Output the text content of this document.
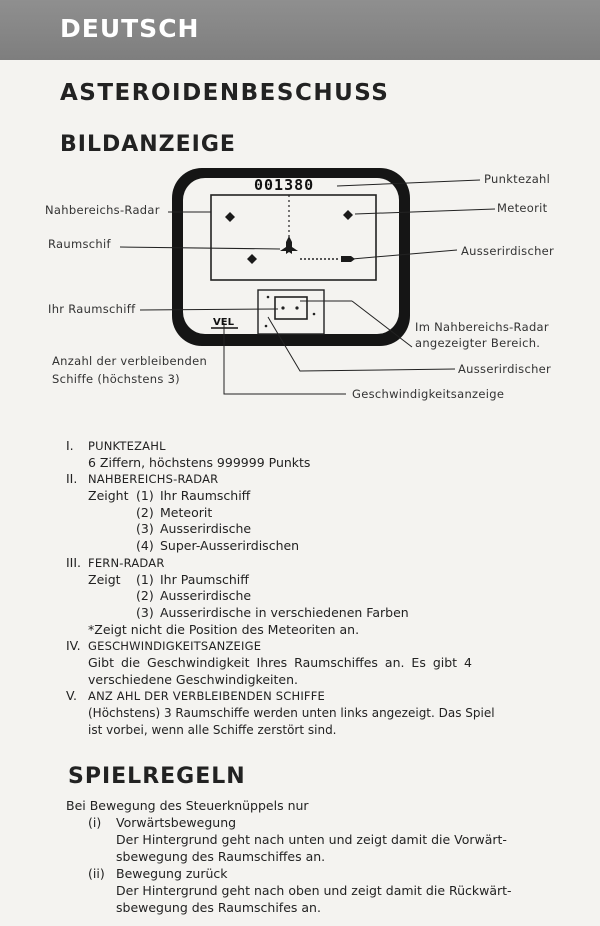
DEUTSCH
ASTEROIDENBESCHUSS
BILDANZEIGE
001380
VEL
Punktezahl
Nahbereichs-Radar	Meteorit
Raumschif	Ausserirdischer
Ihr Raumschiff
Im Nahbereichs-Radar
angezeigter Bereich.
Anzahl der verbleibenden
Schiffe (höchstens 3)
Ausserirdischer
Geschwindigkeitsanzeige
I. PUNKTEZAHL
6 Ziffern, höchstens 999999 Punkts
II. NAHBEREICHS-RADAR
Zeight (1) Ihr Raumschiff
(2) Meteorit
(3) Ausserirdische
(4) Super-Ausserirdischen
III. FERN-RADAR
Zeigt (1) Ihr Paumschiff
(2) Ausserirdische
(3) Ausserirdische in verschiedenen Farben
*Zeigt nicht die Position des Meteoriten an.
IV. GESCHWINDIGKEITSANZEIGE
Gibt die Geschwindigkeit Ihres Raumschiffes an. Es gibt 4
verschiedene Geschwindigkeiten.
V. ANZ AHL DER VERBLEIBENDEN SCHIFFE
(Höchstens) 3 Raumschiffe werden unten links angezeigt. Das Spiel
ist vorbei, wenn alle Schiffe zerstört sind.
SPIELREGELN
Bei Bewegung des Steuerknüppels nur
(i) Vorwärtsbewegung
Der Hintergrund geht nach unten und zeigt damit die Vorwärt-
sbewegung des Raumschiffes an.
(ii) Bewegung zurück
Der Hintergrund geht nach oben und zeigt damit die Rückwärt-
sbewegung des Raumschifes an.
